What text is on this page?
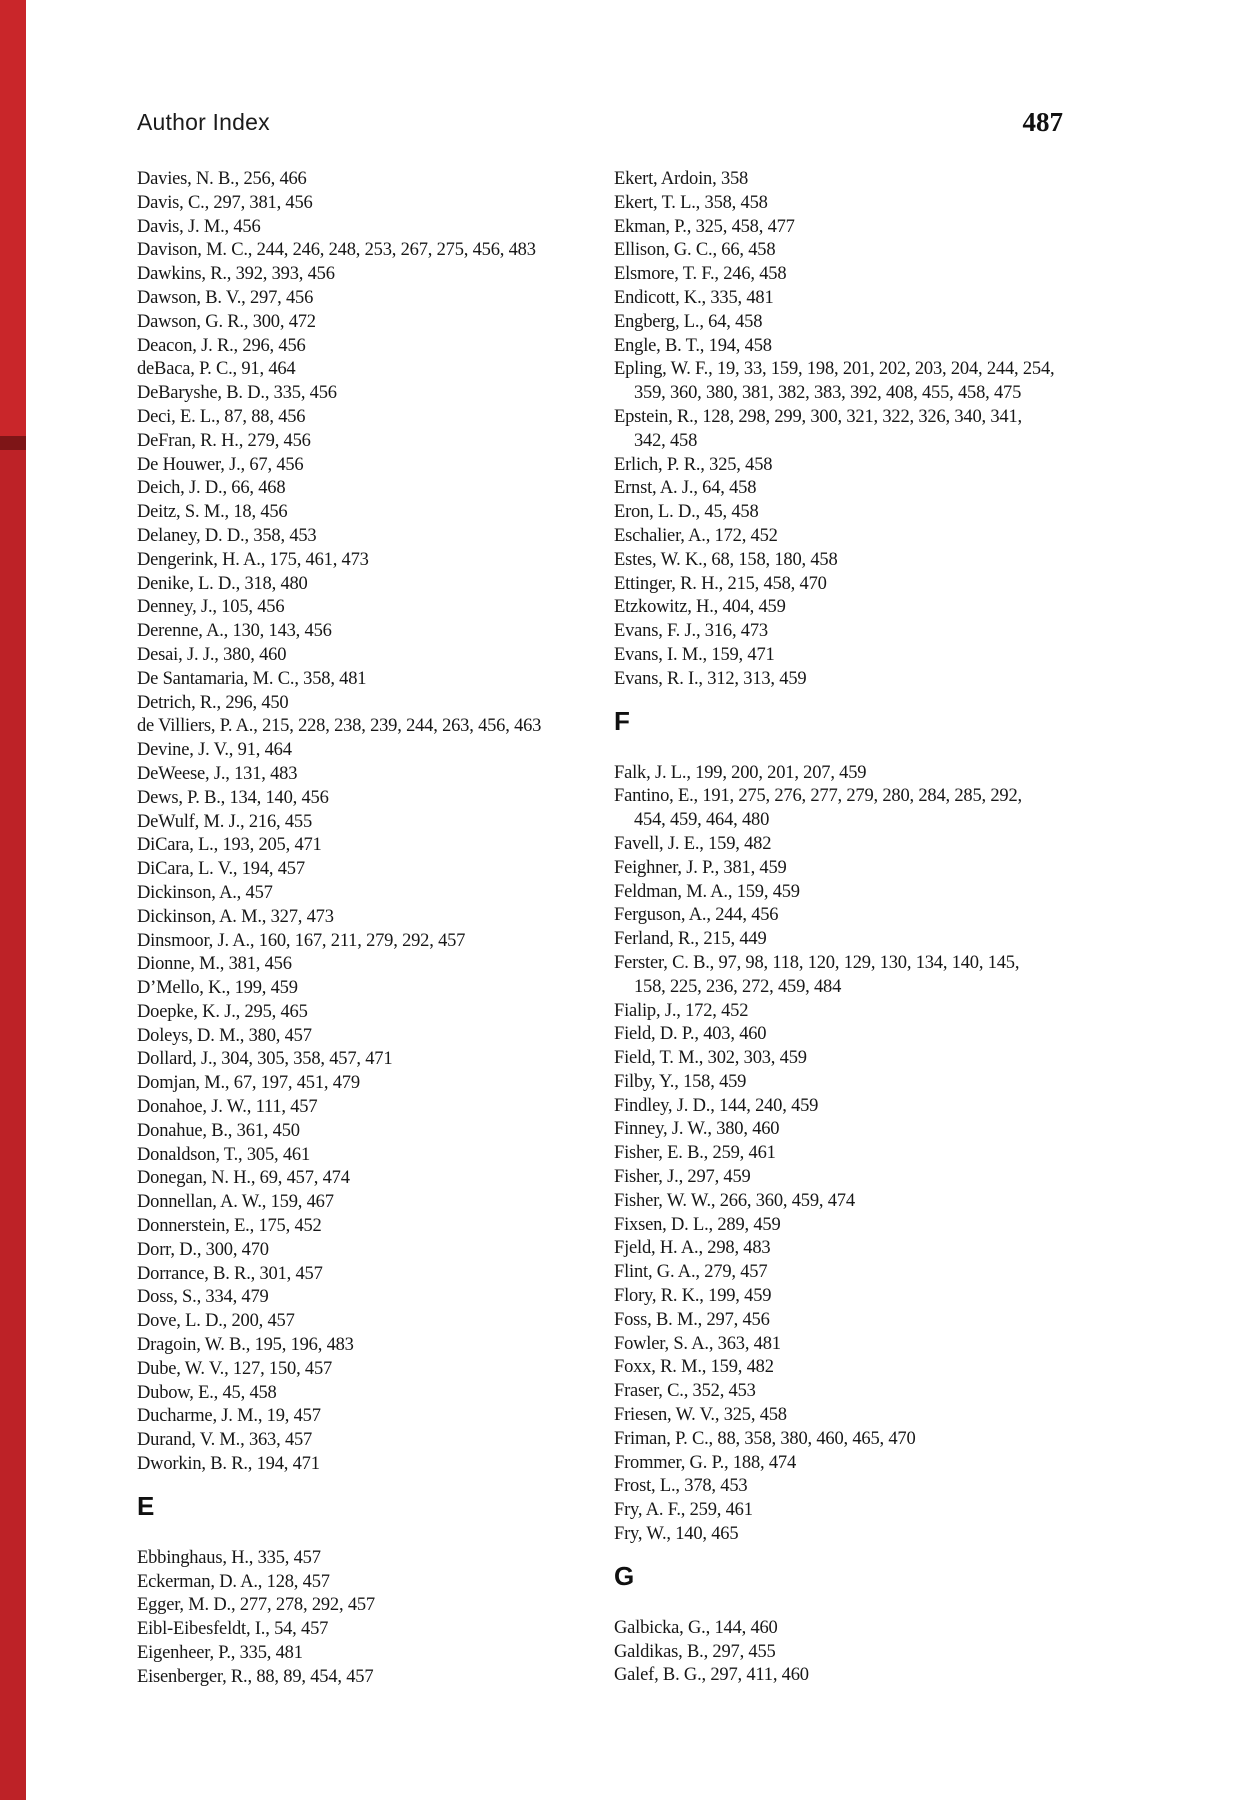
Author Index	487
Davies, N. B., 256, 466
Davis, C., 297, 381, 456
Davis, J. M., 456
Davison, M. C., 244, 246, 248, 253, 267, 275, 456, 483
Dawkins, R., 392, 393, 456
Dawson, B. V., 297, 456
Dawson, G. R., 300, 472
Deacon, J. R., 296, 456
deBaca, P. C., 91, 464
DeBaryshe, B. D., 335, 456
Deci, E. L., 87, 88, 456
DeFran, R. H., 279, 456
De Houwer, J., 67, 456
Deich, J. D., 66, 468
Deitz, S. M., 18, 456
Delaney, D. D., 358, 453
Dengerink, H. A., 175, 461, 473
Denike, L. D., 318, 480
Denney, J., 105, 456
Derenne, A., 130, 143, 456
Desai, J. J., 380, 460
De Santamaria, M. C., 358, 481
Detrich, R., 296, 450
de Villiers, P. A., 215, 228, 238, 239, 244, 263, 456, 463
Devine, J. V., 91, 464
DeWeese, J., 131, 483
Dews, P. B., 134, 140, 456
DeWulf, M. J., 216, 455
DiCara, L., 193, 205, 471
DiCara, L. V., 194, 457
Dickinson, A., 457
Dickinson, A. M., 327, 473
Dinsmoor, J. A., 160, 167, 211, 279, 292, 457
Dionne, M., 381, 456
D’Mello, K., 199, 459
Doepke, K. J., 295, 465
Doleys, D. M., 380, 457
Dollard, J., 304, 305, 358, 457, 471
Domjan, M., 67, 197, 451, 479
Donahoe, J. W., 111, 457
Donahue, B., 361, 450
Donaldson, T., 305, 461
Donegan, N. H., 69, 457, 474
Donnellan, A. W., 159, 467
Donnerstein, E., 175, 452
Dorr, D., 300, 470
Dorrance, B. R., 301, 457
Doss, S., 334, 479
Dove, L. D., 200, 457
Dragoin, W. B., 195, 196, 483
Dube, W. V., 127, 150, 457
Dubow, E., 45, 458
Ducharme, J. M., 19, 457
Durand, V. M., 363, 457
Dworkin, B. R., 194, 471
E
Ebbinghaus, H., 335, 457
Eckerman, D. A., 128, 457
Egger, M. D., 277, 278, 292, 457
Eibl-Eibesfeldt, I., 54, 457
Eigenheer, P., 335, 481
Eisenberger, R., 88, 89, 454, 457
Ekert, Ardoin, 358
Ekert, T. L., 358, 458
Ekman, P., 325, 458, 477
Ellison, G. C., 66, 458
Elsmore, T. F., 246, 458
Endicott, K., 335, 481
Engberg, L., 64, 458
Engle, B. T., 194, 458
Epling, W. F., 19, 33, 159, 198, 201, 202, 203, 204, 244, 254,
359, 360, 380, 381, 382, 383, 392, 408, 455, 458, 475
Epstein, R., 128, 298, 299, 300, 321, 322, 326, 340, 341,
342, 458
Erlich, P. R., 325, 458
Ernst, A. J., 64, 458
Eron, L. D., 45, 458
Eschalier, A., 172, 452
Estes, W. K., 68, 158, 180, 458
Ettinger, R. H., 215, 458, 470
Etzkowitz, H., 404, 459
Evans, F. J., 316, 473
Evans, I. M., 159, 471
Evans, R. I., 312, 313, 459
F
Falk, J. L., 199, 200, 201, 207, 459
Fantino, E., 191, 275, 276, 277, 279, 280, 284, 285, 292,
454, 459, 464, 480
Favell, J. E., 159, 482
Feighner, J. P., 381, 459
Feldman, M. A., 159, 459
Ferguson, A., 244, 456
Ferland, R., 215, 449
Ferster, C. B., 97, 98, 118, 120, 129, 130, 134, 140, 145,
158, 225, 236, 272, 459, 484
Fialip, J., 172, 452
Field, D. P., 403, 460
Field, T. M., 302, 303, 459
Filby, Y., 158, 459
Findley, J. D., 144, 240, 459
Finney, J. W., 380, 460
Fisher, E. B., 259, 461
Fisher, J., 297, 459
Fisher, W. W., 266, 360, 459, 474
Fixsen, D. L., 289, 459
Fjeld, H. A., 298, 483
Flint, G. A., 279, 457
Flory, R. K., 199, 459
Foss, B. M., 297, 456
Fowler, S. A., 363, 481
Foxx, R. M., 159, 482
Fraser, C., 352, 453
Friesen, W. V., 325, 458
Friman, P. C., 88, 358, 380, 460, 465, 470
Frommer, G. P., 188, 474
Frost, L., 378, 453
Fry, A. F., 259, 461
Fry, W., 140, 465
G
Galbicka, G., 144, 460
Galdikas, B., 297, 455
Galef, B. G., 297, 411, 460
